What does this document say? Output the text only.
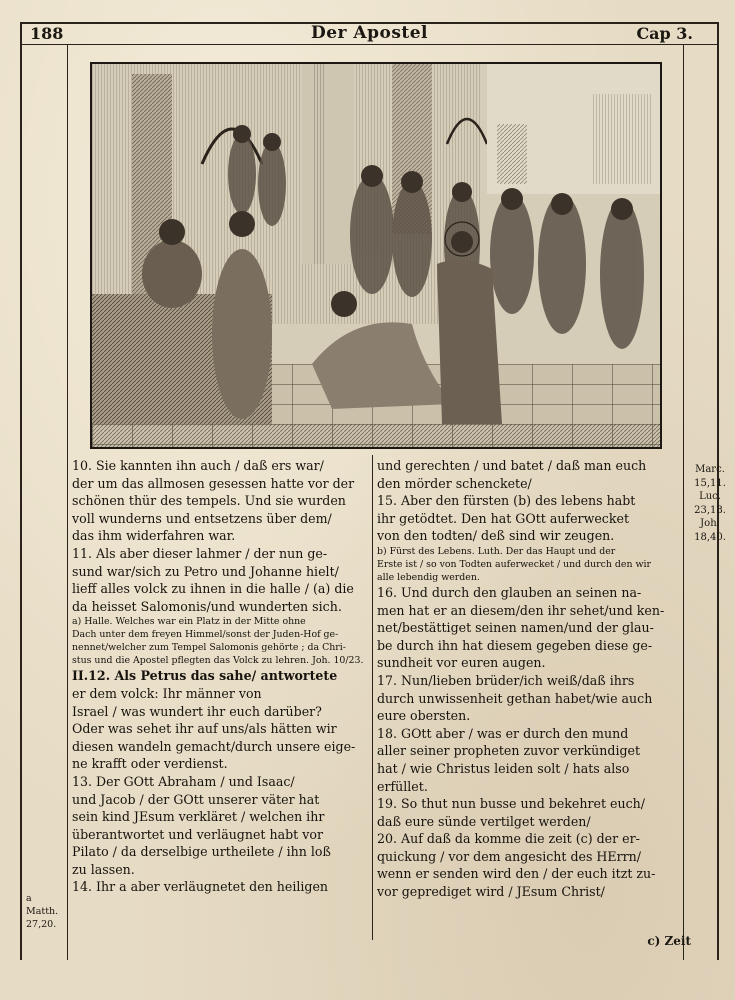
188	Der Apostel	Cap 3.
10. Sie kannten ihn auch / daß ers war/
der um das allmosen gesessen hatte vor der
schönen thür des tempels. Und sie wurden
voll wunderns und entsetzens über dem/
das ihm widerfahren war.
11. Als aber dieser lahmer / der nun ge-
sund war/sich zu Petro und Johanne hielt/
lieff alles volck zu ihnen in die halle / (a) die
da heisset Salomonis/und wunderten sich.
a) Halle. Welches war ein Platz in der Mitte ohne
Dach unter dem freyen Himmel/sonst der Juden-Hof ge-
nennet/welcher zum Tempel Salomonis gehörte ; da Chri-
stus und die Apostel pflegten das Volck zu lehren. Joh. 10/23.
II.12. Als Petrus das sahe/ antwortete
er dem volck: Ihr männer von
Israel / was wundert ihr euch darüber?
Oder was sehet ihr auf uns/als hätten wir
diesen wandeln gemacht/durch unsere eige-
ne krafft oder verdienst.
13. Der GOtt Abraham / und Isaac/
und Jacob / der GOtt unserer väter hat
sein kind JEsum verkläret / welchen ihr
überantwortet und verläugnet habt vor
Pilato / da derselbige urtheilete / ihn loß
zu lassen.
14. Ihr a aber verläugnetet den heiligen
und gerechten / und batet / daß man euch
den mörder schenckete/
15. Aber den fürsten (b) des lebens habt
ihr getödtet. Den hat GOtt auferwecket
von den todten/ deß sind wir zeugen.
b) Fürst des Lebens. Luth. Der das Haupt und der
Erste ist / so von Todten auferwecket / und durch den wir
alle lebendig werden.
16. Und durch den glauben an seinen na-
men hat er an diesem/den ihr sehet/und ken-
net/bestättiget seinen namen/und der glau-
be durch ihn hat diesem gegeben diese ge-
sundheit vor euren augen.
17. Nun/lieben brüder/ich weiß/daß ihrs
durch unwissenheit gethan habet/wie auch
eure obersten.
18. GOtt aber / was er durch den mund
aller seiner propheten zuvor verkündiget
hat / wie Christus leiden solt / hats also
erfüllet.
19. So thut nun busse und bekehret euch/
daß eure sünde vertilget werden/
20. Auf daß da komme die zeit (c) der er-
quickung / vor dem angesicht des HErrn/
wenn er senden wird den / der euch itzt zu-
vor geprediget wird / JEsum Christ/
Marc.
15,11.
Luc.
23,18.
Joh.
18,40.
a
Matth.
27,20.
c) Zeit
